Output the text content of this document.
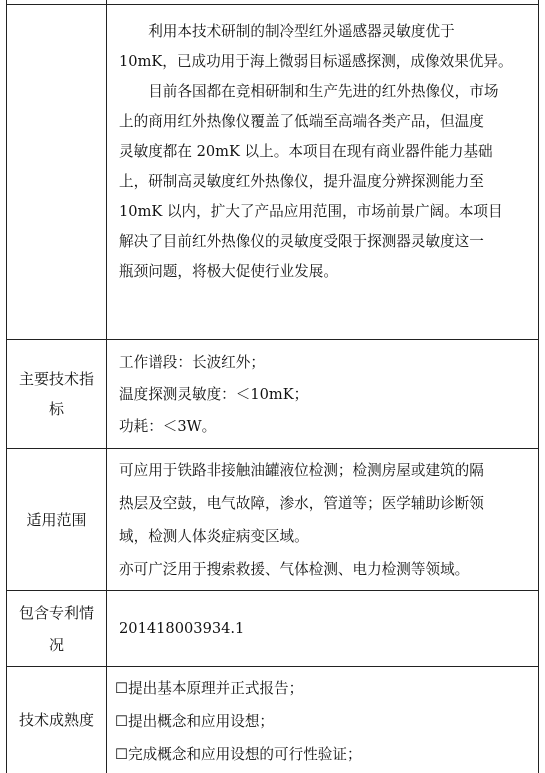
利用本技术研制的制冷型红外遥感器灵敏度优于
10mK，已成功用于海上微弱目标遥感探测，成像效果优异。

目前各国都在竞相研制和生产先进的红外热像仪，市场
上的商用红外热像仪覆盖了低端至高端各类产品，但温度
灵敏度都在 20mK 以上。本项目在现有商业器件能力基础
上，研制高灵敏度红外热像仪，提升温度分辨探测能力至
10mK 以内，扩大了产品应用范围，市场前景广阔。本项目
解决了目前红外热像仪的灵敏度受限于探测器灵敏度这一
瓶颈问题，将极大促使行业发展。

主要技术指
标
工作谱段：长波红外；
温度探测灵敏度：＜10mK；
功耗：＜3W。
适用范围
可应用于铁路非接触油罐液位检测；检测房屋或建筑的隔
热层及空鼓，电气故障，渗水，管道等；医学辅助诊断领
域，检测人体炎症病变区域。
亦可广泛用于搜索救援、气体检测、电力检测等领域。
包含专利情
况
201418003934.1
技术成熟度
☐提出基本原理并正式报告；
☐提出概念和应用设想；
☐完成概念和应用设想的可行性验证；
